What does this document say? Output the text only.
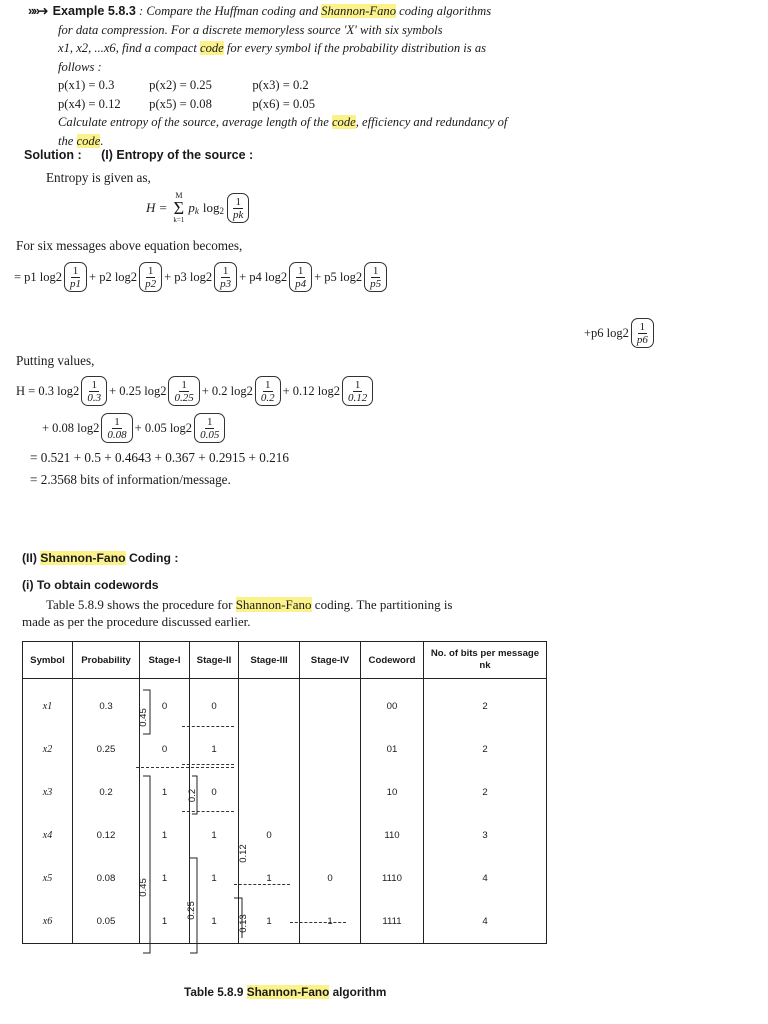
»»➜ Example 5.8.3 : Compare the Huffman coding and Shannon-Fano coding algorithms
for data compression. For a discrete memoryless source 'X' with six symbols
x1, x2, ...x6, find a compact code for every symbol if the probability distribution is as
follows :
p(x1) = 0.3	p(x2) = 0.25	p(x3) = 0.2
p(x4) = 0.12 p(x5) = 0.08	p(x6) = 0.05
Calculate entropy of the source, average length of the code, efficiency and redundancy of
the code.
Solution : (I) Entropy of the source :
Entropy is given as,
H =
M
Σ
k=1
p k $\log 2 \frac{1}{pk}$
For six messages above equation becomes,
= p1 $\log 2 \frac{1}{p1} + p2$ $\log 2 \frac{1}{p2} + p3$ $\log 2 \frac{1}{p3} + p4$ $\log 2 \frac{1}{p4} + p5$ $\log 2 \frac{1}{p5}$
+p6 $\log 2 \frac{1}{p6}$
Putting values,
H = 0.3 $\log 2 \frac{1}{0.3} + 0.25$ $\log 2 \frac{1}{0.25} + 0.2$ $\log 2 \frac{1}{0.2} + 0.12$ $\log 2 \frac{1}{0.12}$
+ 0.08 $\log 2 \frac{1}{0.08} + 0.05$ $\log 2 \frac{1}{0.05}$
= 0.521 + 0.5 + 0.4643 + 0.367 + 0.2915 + 0.216
= 2.3568 bits of information/message.
(II) Shannon-Fano Coding :
(i) To obtain codewords
Table 5.8.9 shows the procedure for Shannon-Fano coding. The partitioning is
made as per the procedure discussed earlier.
Symbol	Probability	Stage-I	Stage-II	Stage-III	Stage-IV	Codeword	No. of bits per message nk
x1	0.3	0	0			00	2
x2	0.25	0	1			01	2
x3	0.2	1	0			10	2
x4	0.12	1	1	0		110	3
x5	0.08	1	1	1	0	1110	4
x6	0.05	1	1	1	1	1111	4
0.45
0.45
0.2
0.25
0.12
0.13
Table 5.8.9 Shannon-Fano algorithm
